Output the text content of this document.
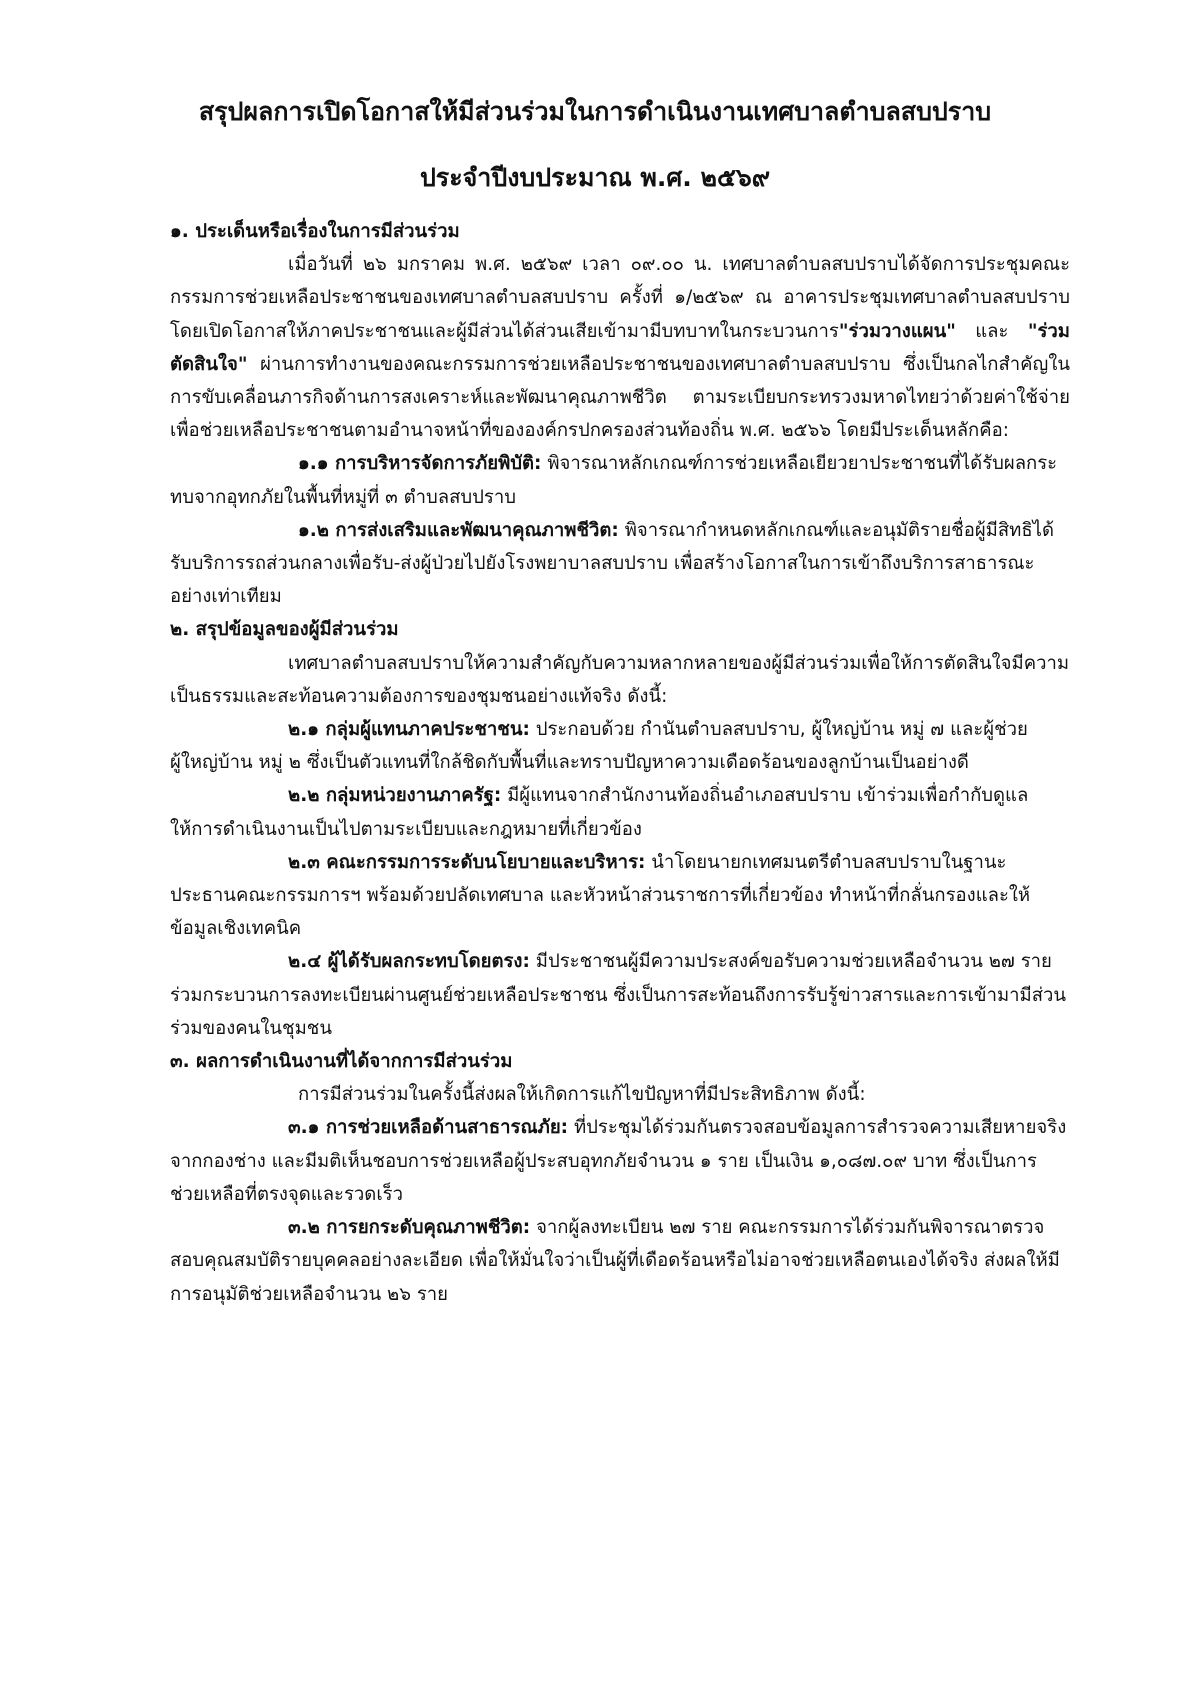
สรุปผลการเปิดโอกาสให้มีส่วนร่วมในการดำเนินงานเทศบาลตำบลสบปราบ
ประจำปีงบประมาณ พ.ศ. ๒๕๖๙

๑. ประเด็นหรือเรื่องในการมีส่วนร่วม

เมื่อวันที่ ๒๖ มกราคม พ.ศ. ๒๕๖๙ เวลา ๐๙.๐๐ น. เทศบาลตำบลสบปราบได้จัดการประชุมคณะกรรมการช่วยเหลือประชาชนของเทศบาลตำบลสบปราบ ครั้งที่ ๑/๒๕๖๙ ณ อาคารประชุมเทศบาลตำบลสบปราบ โดยเปิดโอกาสให้ภาคประชาชนและผู้มีส่วนได้ส่วนเสียเข้ามามีบทบาทในกระบวนการ"ร่วมวางแผน" และ "ร่วมตัดสินใจ" ผ่านการทำงานของคณะกรรมการช่วยเหลือประชาชนของเทศบาลตำบลสบปราบ ซึ่งเป็นกลไกสำคัญในการขับเคลื่อนภารกิจด้านการสงเคราะห์และพัฒนาคุณภาพชีวิต ตามระเบียบกระทรวงมหาดไทยว่าด้วยค่าใช้จ่ายเพื่อช่วยเหลือประชาชนตามอำนาจหน้าที่ขององค์กรปกครองส่วนท้องถิ่น พ.ศ. ๒๕๖๖ โดยมีประเด็นหลักคือ:

๑.๑ การบริหารจัดการภัยพิบัติ: พิจารณาหลักเกณฑ์การช่วยเหลือเยียวยาประชาชนที่ได้รับผลกระทบจากอุทกภัยในพื้นที่หมู่ที่ ๓ ตำบลสบปราบ

๑.๒ การส่งเสริมและพัฒนาคุณภาพชีวิต: พิจารณากำหนดหลักเกณฑ์และอนุมัติรายชื่อผู้มีสิทธิได้รับบริการรถส่วนกลางเพื่อรับ-ส่งผู้ป่วยไปยังโรงพยาบาลสบปราบ เพื่อสร้างโอกาสในการเข้าถึงบริการสาธารณะอย่างเท่าเทียม

๒. สรุปข้อมูลของผู้มีส่วนร่วม

เทศบาลตำบลสบปราบให้ความสำคัญกับความหลากหลายของผู้มีส่วนร่วมเพื่อให้การตัดสินใจมีความเป็นธรรมและสะท้อนความต้องการของชุมชนอย่างแท้จริง ดังนี้:

๒.๑ กลุ่มผู้แทนภาคประชาชน: ประกอบด้วย กำนันตำบลสบปราบ, ผู้ใหญ่บ้าน หมู่ ๗ และผู้ช่วยผู้ใหญ่บ้าน หมู่ ๒ ซึ่งเป็นตัวแทนที่ใกล้ชิดกับพื้นที่และทราบปัญหาความเดือดร้อนของลูกบ้านเป็นอย่างดี

๒.๒ กลุ่มหน่วยงานภาครัฐ: มีผู้แทนจากสำนักงานท้องถิ่นอำเภอสบปราบ เข้าร่วมเพื่อกำกับดูแลให้การดำเนินงานเป็นไปตามระเบียบและกฎหมายที่เกี่ยวข้อง

๒.๓ คณะกรรมการระดับนโยบายและบริหาร: นำโดยนายกเทศมนตรีตำบลสบปราบในฐานะประธานคณะกรรมการฯ พร้อมด้วยปลัดเทศบาล และหัวหน้าส่วนราชการที่เกี่ยวข้อง ทำหน้าที่กลั่นกรองและให้ข้อมูลเชิงเทคนิค

๒.๔ ผู้ได้รับผลกระทบโดยตรง: มีประชาชนผู้มีความประสงค์ขอรับความช่วยเหลือจำนวน ๒๗ ราย ร่วมกระบวนการลงทะเบียนผ่านศูนย์ช่วยเหลือประชาชน ซึ่งเป็นการสะท้อนถึงการรับรู้ข่าวสารและการเข้ามามีส่วนร่วมของคนในชุมชน

๓. ผลการดำเนินงานที่ได้จากการมีส่วนร่วม

การมีส่วนร่วมในครั้งนี้ส่งผลให้เกิดการแก้ไขปัญหาที่มีประสิทธิภาพ ดังนี้:

๓.๑ การช่วยเหลือด้านสาธารณภัย: ที่ประชุมได้ร่วมกันตรวจสอบข้อมูลการสำรวจความเสียหายจริงจากกองช่าง และมีมติเห็นชอบการช่วยเหลือผู้ประสบอุทกภัยจำนวน ๑ ราย เป็นเงิน ๑,๐๘๗.๐๙ บาท ซึ่งเป็นการช่วยเหลือที่ตรงจุดและรวดเร็ว

๓.๒ การยกระดับคุณภาพชีวิต: จากผู้ลงทะเบียน ๒๗ ราย คณะกรรมการได้ร่วมกันพิจารณาตรวจสอบคุณสมบัติรายบุคคลอย่างละเอียด เพื่อให้มั่นใจว่าเป็นผู้ที่เดือดร้อนหรือไม่อาจช่วยเหลือตนเองได้จริง ส่งผลให้มีการอนุมัติช่วยเหลือจำนวน ๒๖ ราย
